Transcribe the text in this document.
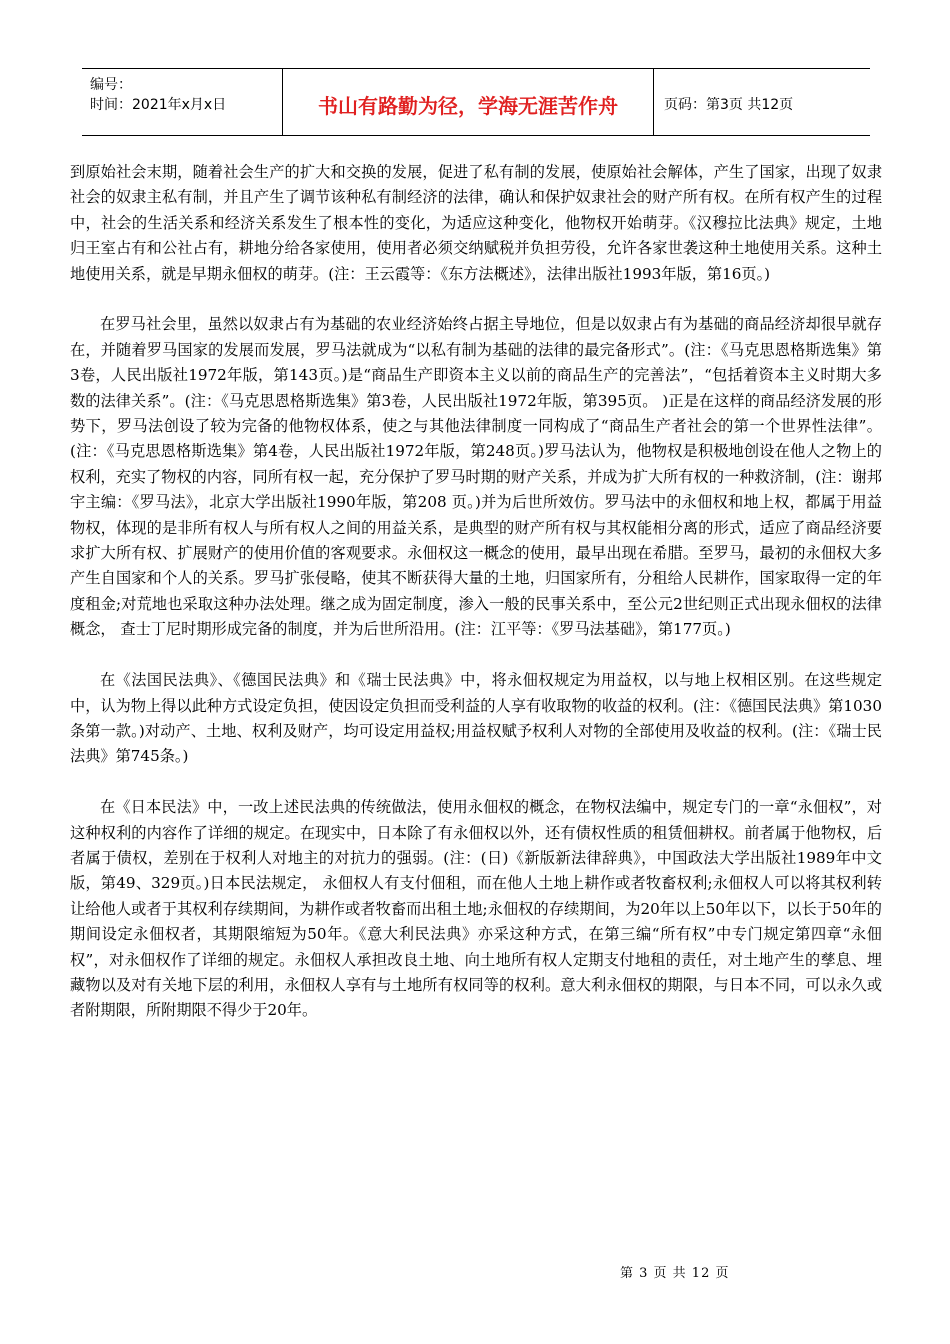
编号：
时间：2021年x月x日	书山有路勤为径，学海无涯苦作舟	页码：第3页 共12页

到原始社会末期，随着社会生产的扩大和交换的发展，促进了私有制的发展，使原始社会解体，产生了国家，出现了奴隶社会的奴隶主私有制，并且产生了调节该种私有制经济的法律，确认和保护奴隶社会的财产所有权。在所有权产生的过程中，社会的生活关系和经济关系发生了根本性的变化，为适应这种变化，他物权开始萌芽。《汉穆拉比法典》规定，土地归王室占有和公社占有，耕地分给各家使用，使用者必须交纳赋税并负担劳役，允许各家世袭这种土地使用关系。这种土地使用关系，就是早期永佃权的萌芽。(注：王云霞等：《东方法概述》，法律出版社1993年版，第16页。)

在罗马社会里，虽然以奴隶占有为基础的农业经济始终占据主导地位，但是以奴隶占有为基础的商品经济却很早就存在，并随着罗马国家的发展而发展，罗马法就成为“以私有制为基础的法律的最完备形式”。(注：《马克思恩格斯选集》第3卷，人民出版社1972年版，第143页。)是“商品生产即资本主义以前的商品生产的完善法”，“包括着资本主义时期大多数的法律关系”。(注：《马克思恩格斯选集》第3卷，人民出版社1972年版，第395页。 )正是在这样的商品经济发展的形势下，罗马法创设了较为完备的他物权体系，使之与其他法律制度一同构成了“商品生产者社会的第一个世界性法律”。(注：《马克思恩格斯选集》第4卷，人民出版社1972年版，第248页。)罗马法认为，他物权是积极地创设在他人之物上的权利，充实了物权的内容，同所有权一起，充分保护了罗马时期的财产关系，并成为扩大所有权的一种救济制，(注：谢邦宇主编：《罗马法》，北京大学出版社1990年版，第208 页。)并为后世所效仿。罗马法中的永佃权和地上权，都属于用益物权，体现的是非所有权人与所有权人之间的用益关系，是典型的财产所有权与其权能相分离的形式，适应了商品经济要求扩大所有权、扩展财产的使用价值的客观要求。永佃权这一概念的使用，最早出现在希腊。至罗马，最初的永佃权大多产生自国家和个人的关系。罗马扩张侵略，使其不断获得大量的土地，归国家所有，分租给人民耕作，国家取得一定的年度租金;对荒地也采取这种办法处理。继之成为固定制度，渗入一般的民事关系中，至公元2世纪则正式出现永佃权的法律概念， 查士丁尼时期形成完备的制度，并为后世所沿用。(注：江平等：《罗马法基础》，第177页。)

在《法国民法典》、《德国民法典》和《瑞士民法典》中，将永佃权规定为用益权，以与地上权相区别。在这些规定中，认为物上得以此种方式设定负担，使因设定负担而受利益的人享有收取物的收益的权利。(注：《德国民法典》第1030条第一款。)对动产、土地、权利及财产，均可设定用益权;用益权赋予权利人对物的全部使用及收益的权利。(注：《瑞士民法典》第745条。)

在《日本民法》中，一改上述民法典的传统做法，使用永佃权的概念，在物权法编中，规定专门的一章“永佃权”，对这种权利的内容作了详细的规定。在现实中，日本除了有永佃权以外，还有债权性质的租赁佃耕权。前者属于他物权，后者属于债权，差别在于权利人对地主的对抗力的强弱。(注：(日)《新版新法律辞典》，中国政法大学出版社1989年中文版，第49、329页。)日本民法规定， 永佃权人有支付佃租，而在他人土地上耕作或者牧畜权利;永佃权人可以将其权利转让给他人或者于其权利存续期间，为耕作或者牧畜而出租土地;永佃权的存续期间，为20年以上50年以下，以长于50年的期间设定永佃权者，其期限缩短为50年。《意大利民法典》亦采这种方式，在第三编“所有权”中专门规定第四章“永佃权”，对永佃权作了详细的规定。永佃权人承担改良土地、向土地所有权人定期支付地租的责任，对土地产生的孳息、埋藏物以及对有关地下层的利用，永佃权人享有与土地所有权同等的权利。意大利永佃权的期限，与日本不同，可以永久或者附期限，所附期限不得少于20年。

第 3 页 共 12 页
